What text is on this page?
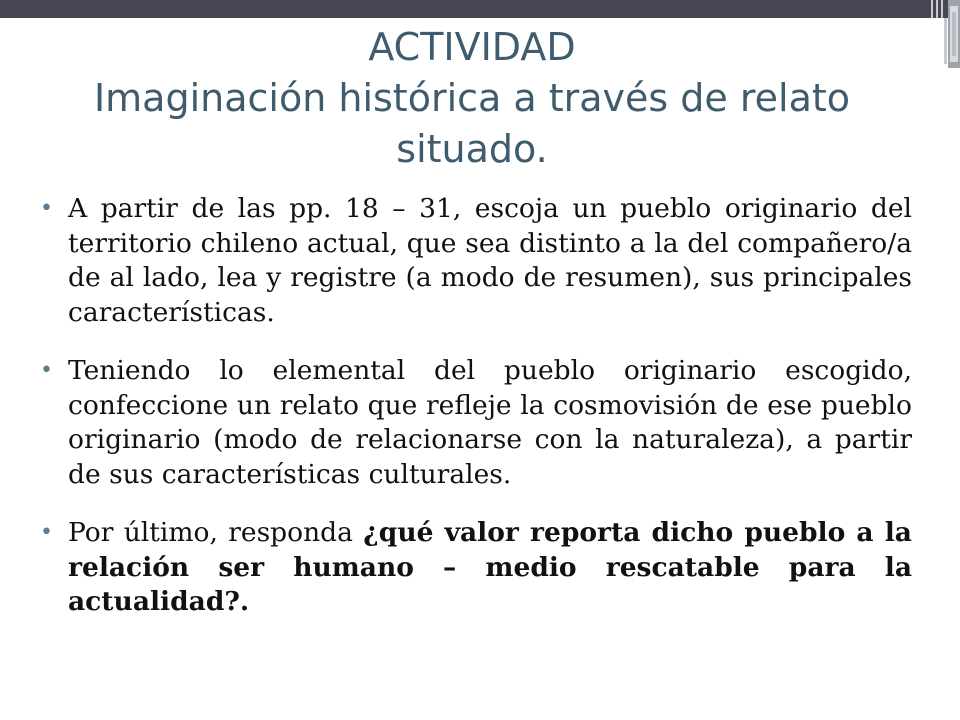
ACTIVIDAD
Imaginación histórica a través de relato
situado.
• A partir de las pp. 18 – 31, escoja un pueblo originario del territorio chileno actual, que sea distinto a la del compañero/a de al lado, lea y registre (a modo de resumen), sus principales características.
• Teniendo lo elemental del pueblo originario escogido, confeccione un relato que refleje la cosmovisión de ese pueblo originario (modo de relacionarse con la naturaleza), a partir de sus características culturales.
• Por último, responda ¿qué valor reporta dicho pueblo a la relación ser humano – medio rescatable para la actualidad?.
